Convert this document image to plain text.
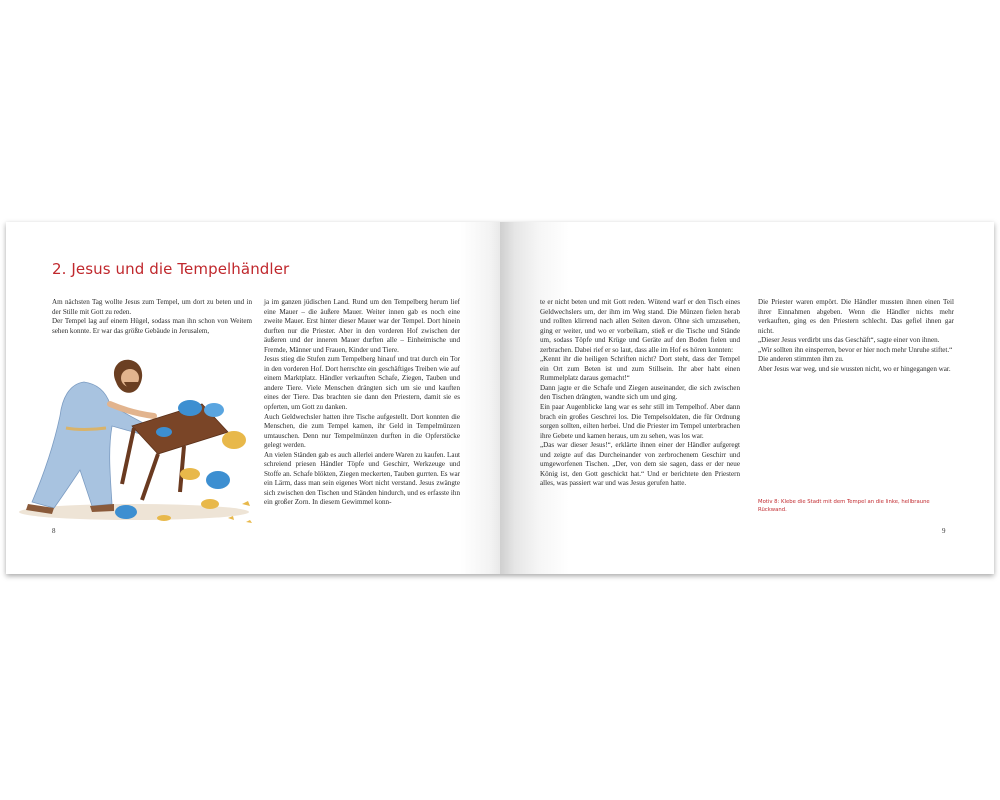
2. Jesus und die Tempelhändler

Am nächsten Tag wollte Jesus zum Tempel, um dort zu beten und in der Stille mit Gott zu reden.

Der Tempel lag auf einem Hügel, sodass man ihn schon von Weitem sehen konnte. Er war das größte Gebäude in Jerusalem,

ja im ganzen jüdischen Land. Rund um den Tempelberg herum lief eine Mauer – die äußere Mauer. Weiter innen gab es noch eine zweite Mauer. Erst hinter dieser Mauer war der Tempel. Dort hinein durften nur die Priester. Aber in den vorderen Hof zwischen der äußeren und der inneren Mauer durften alle – Einheimische und Fremde, Männer und Frauen, Kinder und Tiere.

Jesus stieg die Stufen zum Tempelberg hinauf und trat durch ein Tor in den vorderen Hof. Dort herrschte ein geschäftiges Treiben wie auf einem Marktplatz. Händler verkauften Schafe, Ziegen, Tauben und andere Tiere. Viele Menschen drängten sich um sie und kauften eines der Tiere. Das brachten sie dann den Priestern, damit sie es opferten, um Gott zu danken.

Auch Geldwechsler hatten ihre Tische aufgestellt. Dort konnten die Menschen, die zum Tempel kamen, ihr Geld in Tempelmünzen umtauschen. Denn nur Tempelmünzen durften in die Opferstöcke gelegt werden.

An vielen Ständen gab es auch allerlei andere Waren zu kaufen. Laut schreiend priesen Händler Töpfe und Geschirr, Werkzeuge und Stoffe an. Schafe blökten, Ziegen meckerten, Tauben gurrten. Es war ein Lärm, dass man sein eigenes Wort nicht verstand. Jesus zwängte sich zwischen den Tischen und Ständen hindurch, und es erfasste ihn ein großer Zorn. In diesem Gewimmel konn-

8

te er nicht beten und mit Gott reden. Wütend warf er den Tisch eines Geldwechslers um, der ihm im Weg stand. Die Münzen fielen herab und rollten klirrend nach allen Seiten davon. Ohne sich umzusehen, ging er weiter, und wo er vorbeikam, stieß er die Tische und Stände um, sodass Töpfe und Krüge und Geräte auf den Boden fielen und zerbrachen. Dabei rief er so laut, dass alle im Hof es hören konnten:

„Kennt ihr die heiligen Schriften nicht? Dort steht, dass der Tempel ein Ort zum Beten ist und zum Stillsein. Ihr aber habt einen Rummelplatz daraus gemacht!“

Dann jagte er die Schafe und Ziegen auseinander, die sich zwischen den Tischen drängten, wandte sich um und ging.

Ein paar Augenblicke lang war es sehr still im Tempelhof. Aber dann brach ein großes Geschrei los. Die Tempelsoldaten, die für Ordnung sorgen sollten, eilten herbei. Und die Priester im Tempel unterbrachen ihre Gebete und kamen heraus, um zu sehen, was los war.

„Das war dieser Jesus!“, erklärte ihnen einer der Händler aufgeregt und zeigte auf das Durcheinander von zerbrochenem Geschirr und umgeworfenen Tischen. „Der, von dem sie sagen, dass er der neue König ist, den Gott geschickt hat.“ Und er berichtete den Priestern alles, was passiert war und was Jesus gerufen hatte.

Die Priester waren empört. Die Händler mussten ihnen einen Teil ihrer Einnahmen abgeben. Wenn die Händler nichts mehr verkauften, ging es den Priestern schlecht. Das gefiel ihnen gar nicht.

„Dieser Jesus verdirbt uns das Geschäft“, sagte einer von ihnen.

„Wir sollten ihn einsperren, bevor er hier noch mehr Unruhe stiftet.“

Die anderen stimmten ihm zu.

Aber Jesus war weg, und sie wussten nicht, wo er hingegangen war.

Motiv 8: Klebe die Stadt mit dem Tempel an die linke, hellbraune Rückwand.
9
